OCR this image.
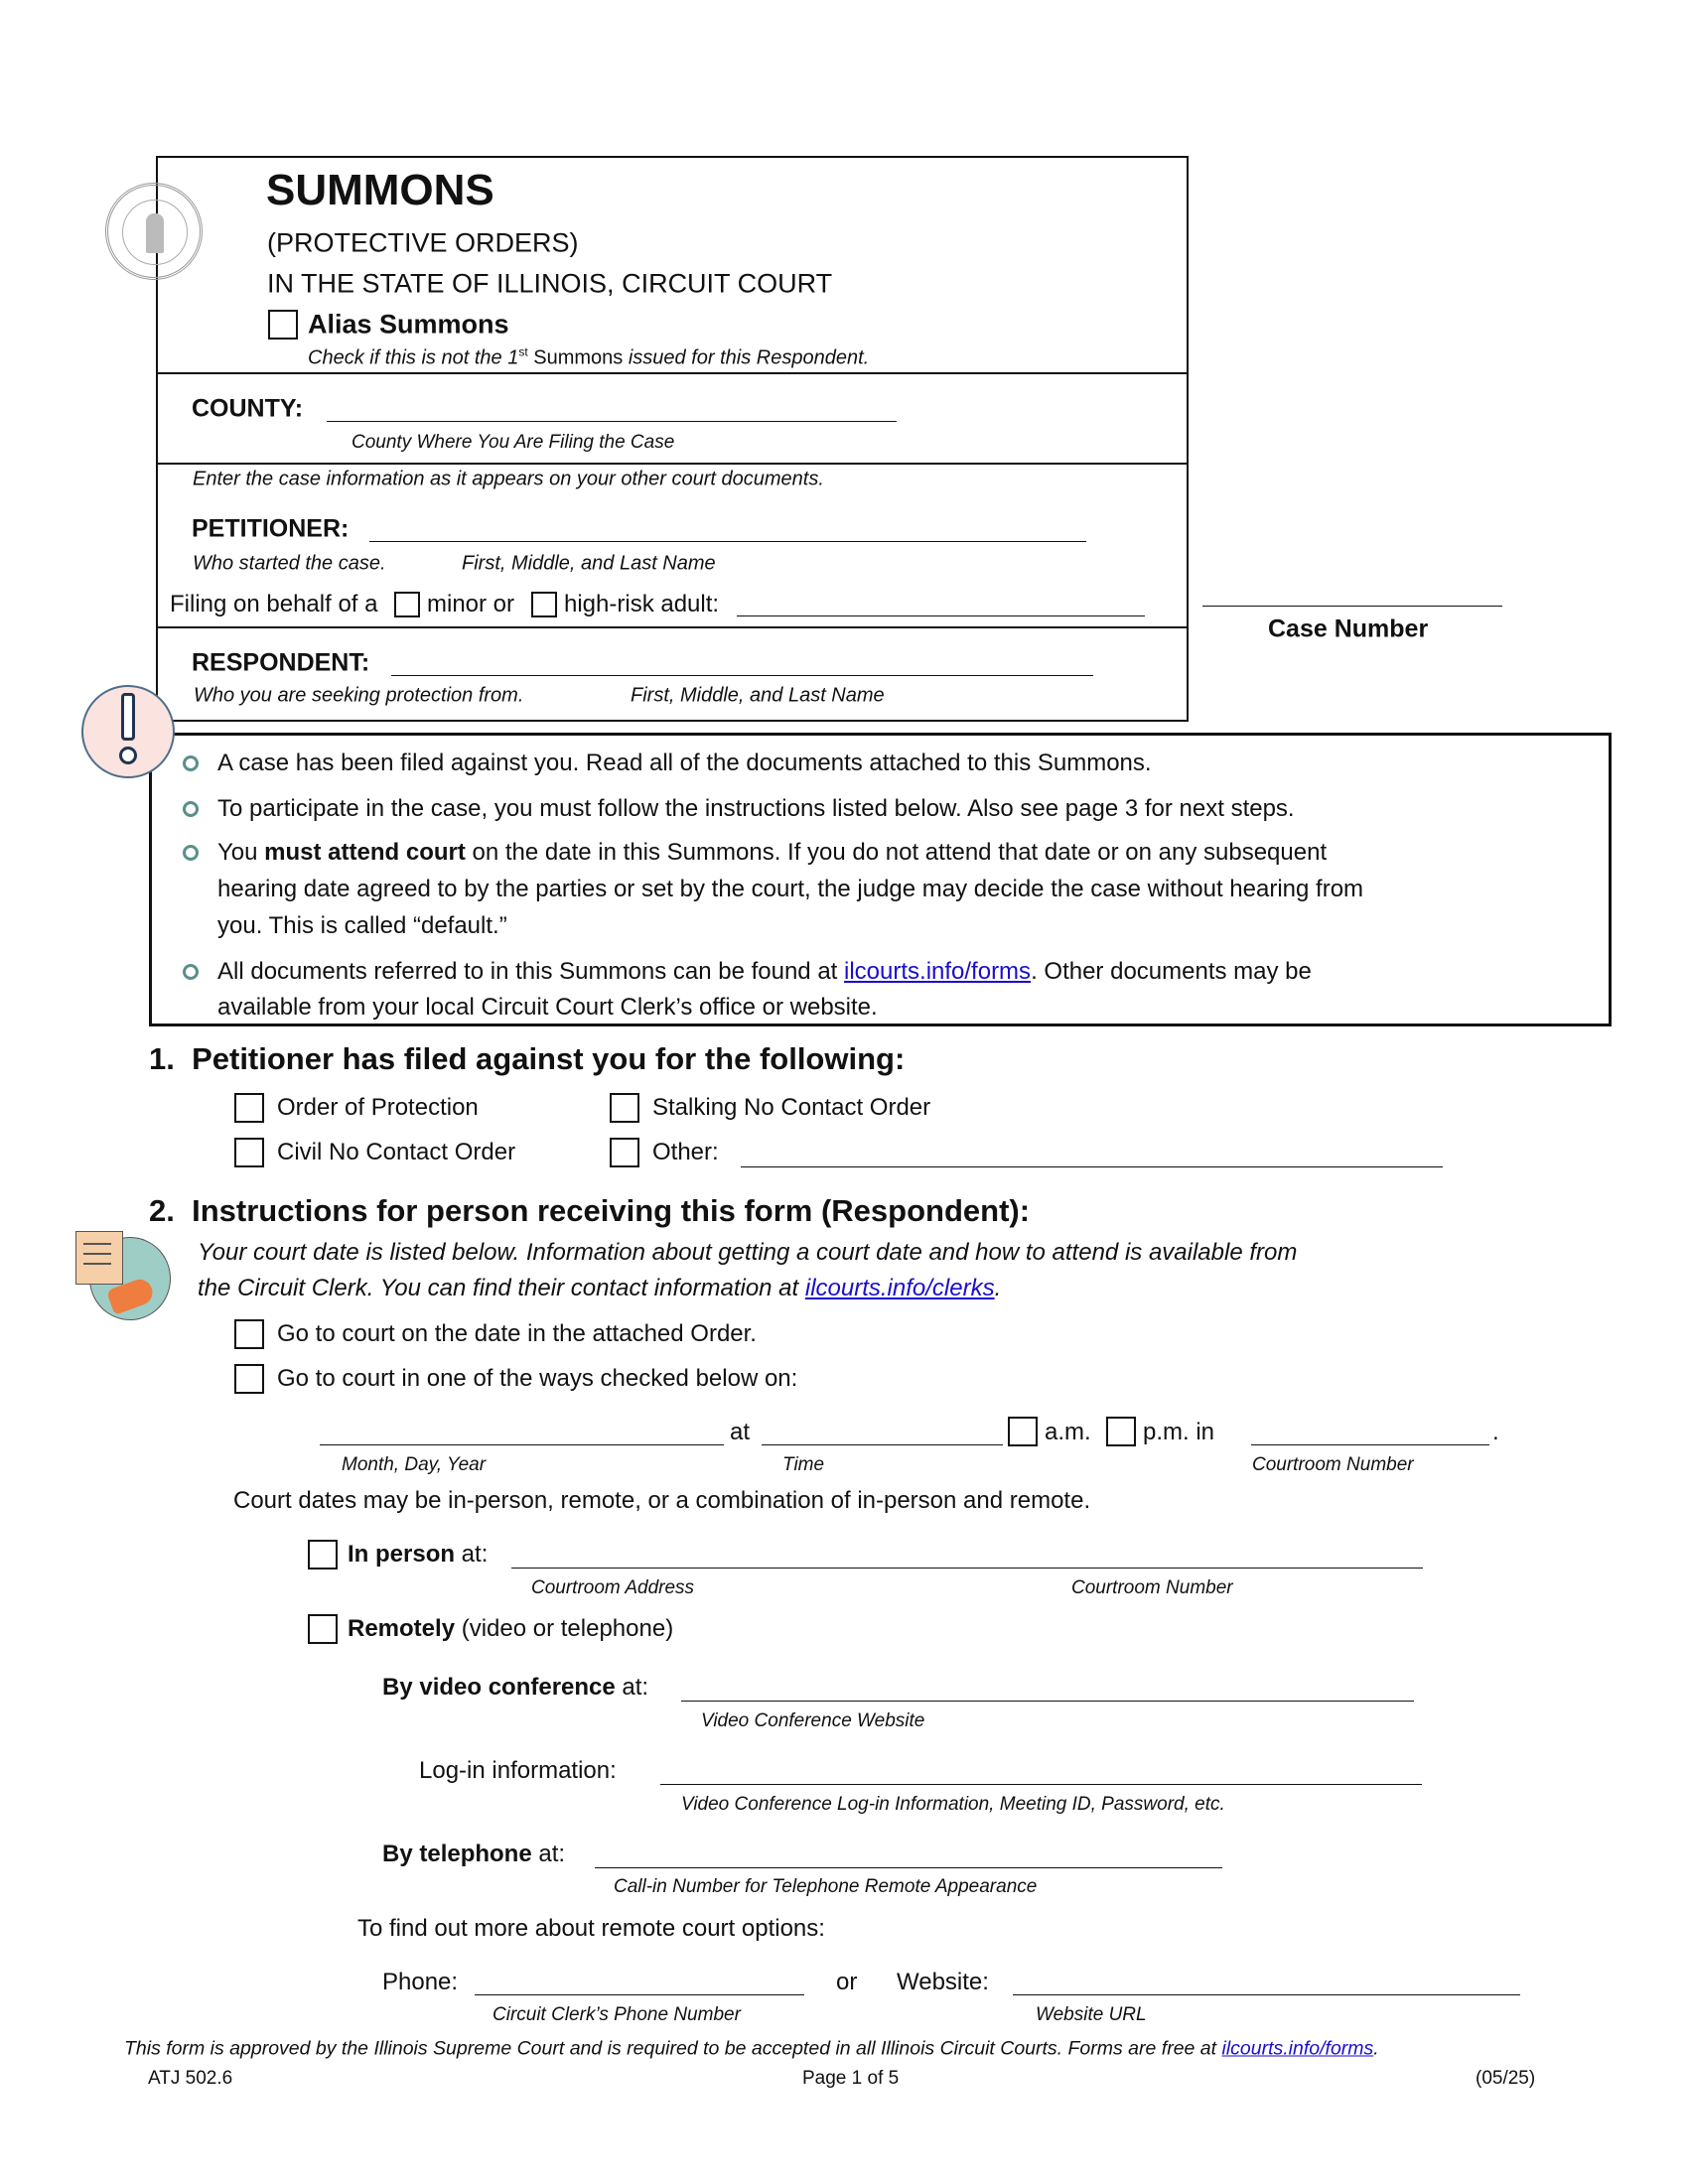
SUMMONS
(PROTECTIVE ORDERS)
IN THE STATE OF ILLINOIS, CIRCUIT COURT
Alias Summons
Check if this is not the 1st Summons issued for this Respondent.
COUNTY:
County Where You Are Filing the Case
Enter the case information as it appears on your other court documents.
PETITIONER:
Who started the case.	First, Middle, and Last Name
Filing on behalf of a minor or high-risk adult:
RESPONDENT:
Who you are seeking protection from.	First, Middle, and Last Name
Case Number
A case has been filed against you. Read all of the documents attached to this Summons.
To participate in the case, you must follow the instructions listed below. Also see page 3 for next steps.
You must attend court on the date in this Summons. If you do not attend that date or on any subsequent
hearing date agreed to by the parties or set by the court, the judge may decide the case without hearing from
you. This is called “default.”
All documents referred to in this Summons can be found at ilcourts.info/forms. Other documents may be
available from your local Circuit Court Clerk’s office or website.
1.  Petitioner has filed against you for the following:
Order of Protection	Stalking No Contact Order
Civil No Contact Order	Other:
2.  Instructions for person receiving this form (Respondent):
Your court date is listed below. Information about getting a court date and how to attend is available from
the Circuit Clerk. You can find their contact information at ilcourts.info/clerks.
Go to court on the date in the attached Order.
Go to court in one of the ways checked below on:
at	a.m. p.m. in	.
Month, Day, Year	Time	Courtroom Number
Court dates may be in-person, remote, or a combination of in-person and remote.
In person at:
Courtroom Address	Courtroom Number
Remotely (video or telephone)
By video conference at:
Video Conference Website
Log-in information:
Video Conference Log-in Information, Meeting ID, Password, etc.
By telephone at:
Call-in Number for Telephone Remote Appearance
To find out more about remote court options:
Phone:	or Website:
Circuit Clerk’s Phone Number	Website URL
This form is approved by the Illinois Supreme Court and is required to be accepted in all Illinois Circuit Courts. Forms are free at ilcourts.info/forms.
ATJ 502.6	Page 1 of 5	(05/25)
